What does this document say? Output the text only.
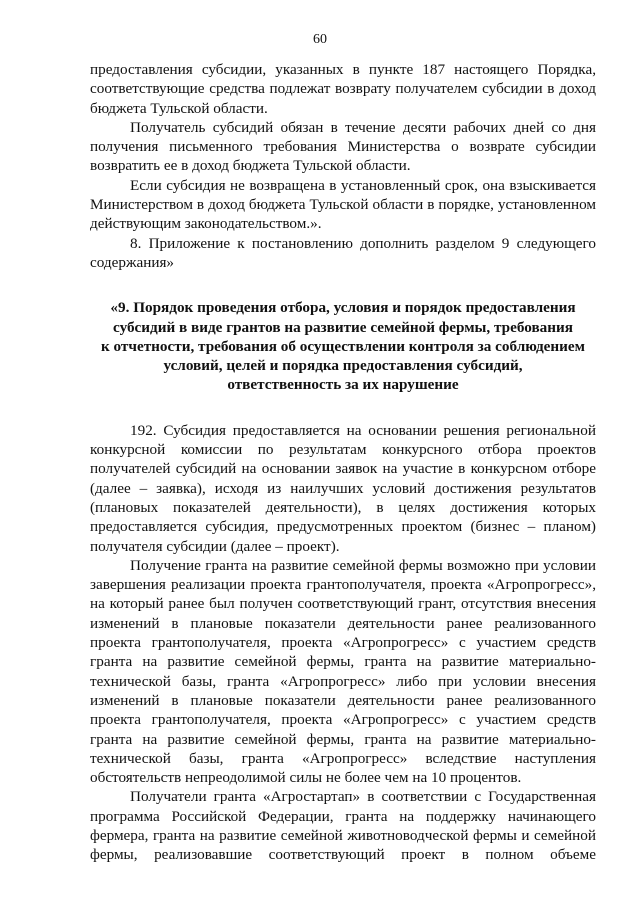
60

предоставления субсидии, указанных в пункте 187 настоящего Порядка, соответствующие средства подлежат возврату получателем субсидии в доход бюджета Тульской области.

Получатель субсидий обязан в течение десяти рабочих дней со дня получения письменного требования Министерства о возврате субсидии возвратить ее в доход бюджета Тульской области.

Если субсидия не возвращена в установленный срок, она взыскивается Министерством в доход бюджета Тульской области в порядке, установленном действующим законодательством.».

8. Приложение к постановлению дополнить разделом 9 следующего содержания»

«9. Порядок проведения отбора, условия и порядок предоставления
субсидий в виде грантов на развитие семейной фермы, требования
к отчетности, требования об осуществлении контроля за соблюдением
условий, целей и порядка предоставления субсидий,
ответственность за их нарушение

192. Субсидия предоставляется на основании решения региональной конкурсной комиссии по результатам конкурсного отбора проектов получателей субсидий на основании заявок на участие в конкурсном отборе (далее – заявка), исходя из наилучших условий достижения результатов (плановых показателей деятельности), в целях достижения которых предоставляется субсидия, предусмотренных проектом (бизнес – планом) получателя субсидии (далее – проект).

Получение гранта на развитие семейной фермы возможно при условии завершения реализации проекта грантополучателя, проекта «Агропрогресс», на который ранее был получен соответствующий грант, отсутствия внесения изменений в плановые показатели деятельности ранее реализованного проекта грантополучателя, проекта «Агропрогресс» с участием средств гранта на развитие семейной фермы, гранта на развитие материально-технической базы, гранта «Агропрогресс» либо при условии внесения изменений в плановые показатели деятельности ранее реализованного проекта грантополучателя, проекта «Агропрогресс» с участием средств гранта на развитие семейной фермы, гранта на развитие материально-технической базы, гранта «Агропрогресс» вследствие наступления обстоятельств непреодолимой силы не более чем на 10 процентов.

Получатели гранта «Агростартап» в соответствии с Государственная программа Российской Федерации, гранта на поддержку начинающего фермера, гранта на развитие семейной животноводческой фермы и семейной фермы, реализовавшие соответствующий проект в полном объеме
